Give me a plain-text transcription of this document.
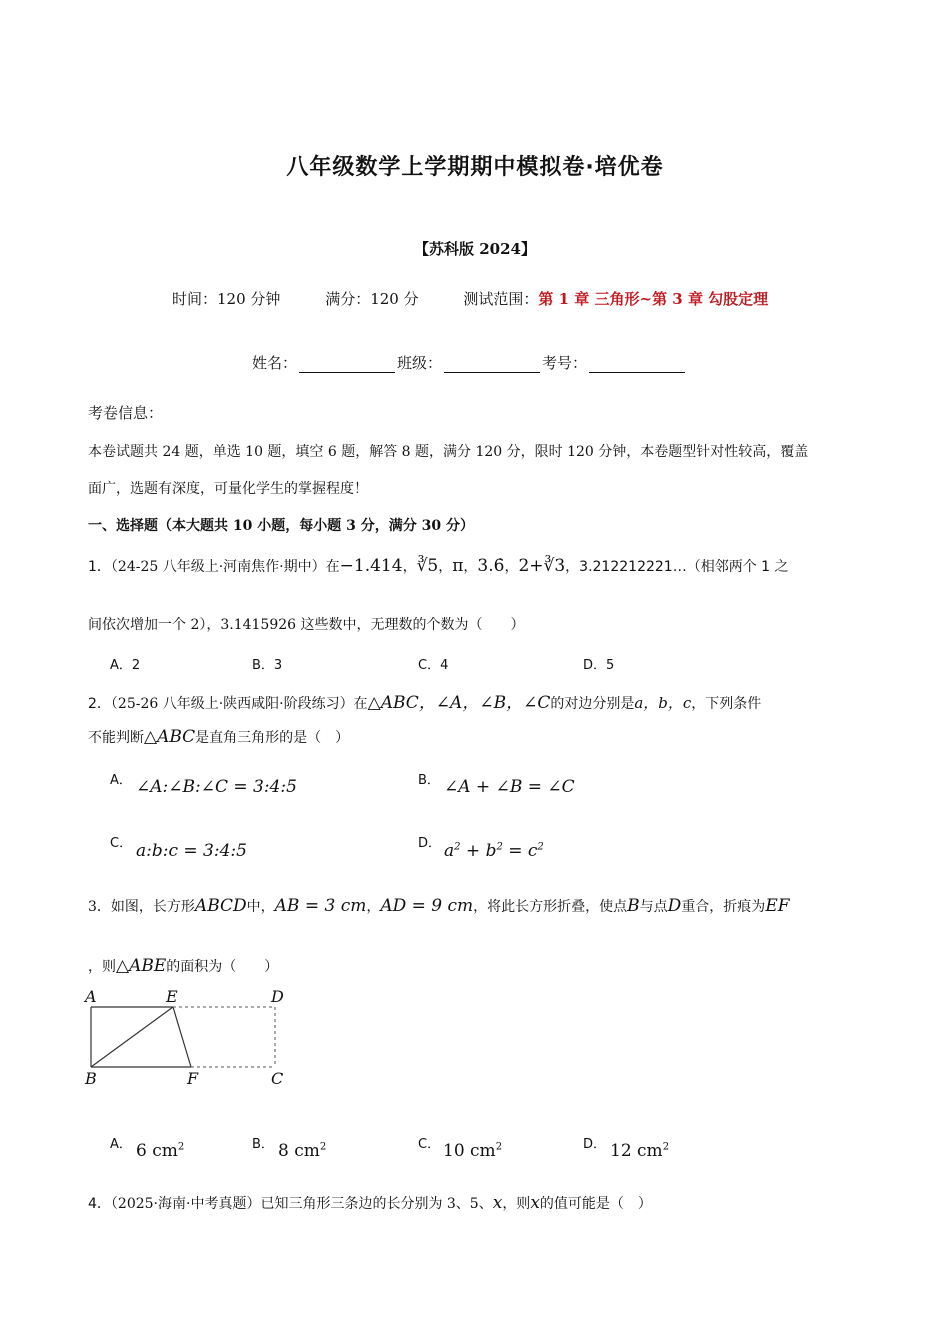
八年级数学上学期期中模拟卷·培优卷
【苏科版 2024】
时间：120 分钟	满分：120 分	测试范围：第 1 章 三角形~第 3 章 勾股定理
姓名：	班级：	考号：
考卷信息：
本卷试题共 24 题，单选 10 题，填空 6 题，解答 8 题，满分 120 分，限时 120 分钟，本卷题型针对性较高，覆盖
面广，选题有深度，可量化学生的掌握程度！
一、选择题（本大题共 10 小题，每小题 3 分，满分 30 分）
1．（24-25 八年级上·河南焦作·期中）在−1.414，∛5，π，3.6̇，2+∛3，3.212212221…（相邻两个 1 之
间依次增加一个 2），3.1415926 这些数中，无理数的个数为（　　）
A．2	B．3	C．4	D．5
2．（25-26 八年级上·陕西咸阳·阶段练习）在△ABC，∠A，∠B，∠C的对边分别是a，b，c，下列条件
不能判断△ABC是直角三角形的是（　）
A． ∠A:∠B:∠C = 3:4:5	B． ∠A + ∠B = ∠C
C． a:b:c = 3:4:5	D． $a^2 + b^2 = c^2$
3．如图，长方形ABCD中，AB = 3 cm，AD = 9 cm，将此长方形折叠，使点B与点D重合，折痕为EF
，则△ABE的面积为（　　）
A	E	D
B	F	C
A． 6 $cm^2$	B． 8 $cm^2$	C． 10 $cm^2$	D． 12 $cm^2$
4．（2025·海南·中考真题）已知三角形三条边的长分别为 3、5、x，则x的值可能是（　）
